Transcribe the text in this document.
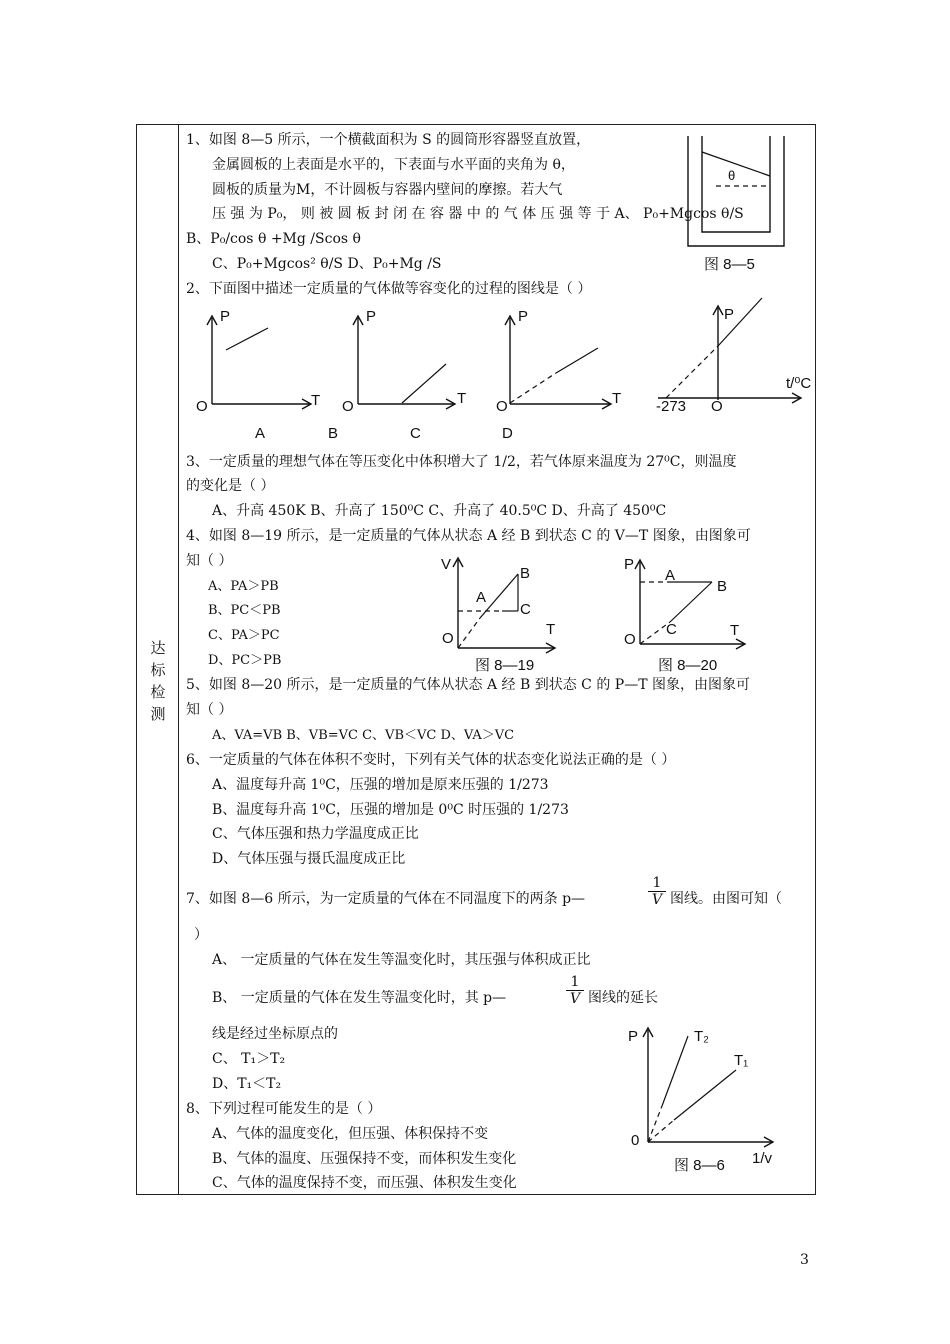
达
标
检
测
1、如图 8—5 所示，一个横截面积为 S 的圆筒形容器竖直放置，
金属圆板的上表面是水平的，下表面与水平面的夹角为 θ，
圆板的质量为M，不计圆板与容器内壁间的摩擦。若大气
压 强 为 P₀， 则 被 圆 板 封 闭 在 容 器 中 的 气 体 压 强 等 于 A、 P₀+Mgcos θ/S
B、P₀/cos θ +Mg /Scos θ
C、P₀+Mgcos² θ/S D、P₀+Mg /S
θ
图 8—5
2、下面图中描述一定质量的气体做等容变化的过程的图线是（ ）
P
O	T
P
O	T
P
O	T
P
t/⁰C
-273 O
A	B	C	D
3、一定质量的理想气体在等压变化中体积增大了 1/2，若气体原来温度为 27⁰C，则温度
的变化是（ ）
A、升高 450K B、升高了 150⁰C C、升高了 40.5⁰C D、升高了 450⁰C
4、如图 8—19 所示，是一定质量的气体从状态 A 经 B 到状态 C 的 V—T 图象，由图象可
知（ ）
A、PA＞PB
B、PC＜PB
C、PA＞PC
D、PC＞PB
V
B
A
C
T
O
图 8—19
P
A
B
C	T
O
图 8—20
5、如图 8—20 所示，是一定质量的气体从状态 A 经 B 到状态 C 的 P—T 图象，由图象可
知（ ）
A、VA=VB B、VB=VC C、VB＜VC D、VA＞VC
6、一定质量的气体在体积不变时，下列有关气体的状态变化说法正确的是（ ）
A、温度每升高 1⁰C，压强的增加是原来压强的 1/273
B、温度每升高 1⁰C，压强的增加是 0⁰C 时压强的 1/273
C、气体压强和热力学温度成正比
D、气体压强与摄氏温度成正比
7、如图 8—6 所示，为一定质量的气体在不同温度下的两条 p—	$\frac{1}{V}$ 图线。由图可知（
）
A、 一定质量的气体在发生等温变化时，其压强与体积成正比
B、 一定质量的气体在发生等温变化时，其 p—	$\frac{1}{V}$ 图线的延长
线是经过坐标原点的
C、 T₁＞T₂
D、T₁＜T₂
P	T₂
T₁
0
图 8—6 1/v
8、下列过程可能发生的是（ ）
A、气体的温度变化，但压强、体积保持不变
B、气体的温度、压强保持不变，而体积发生变化
C、气体的温度保持不变，而压强、体积发生变化
3
